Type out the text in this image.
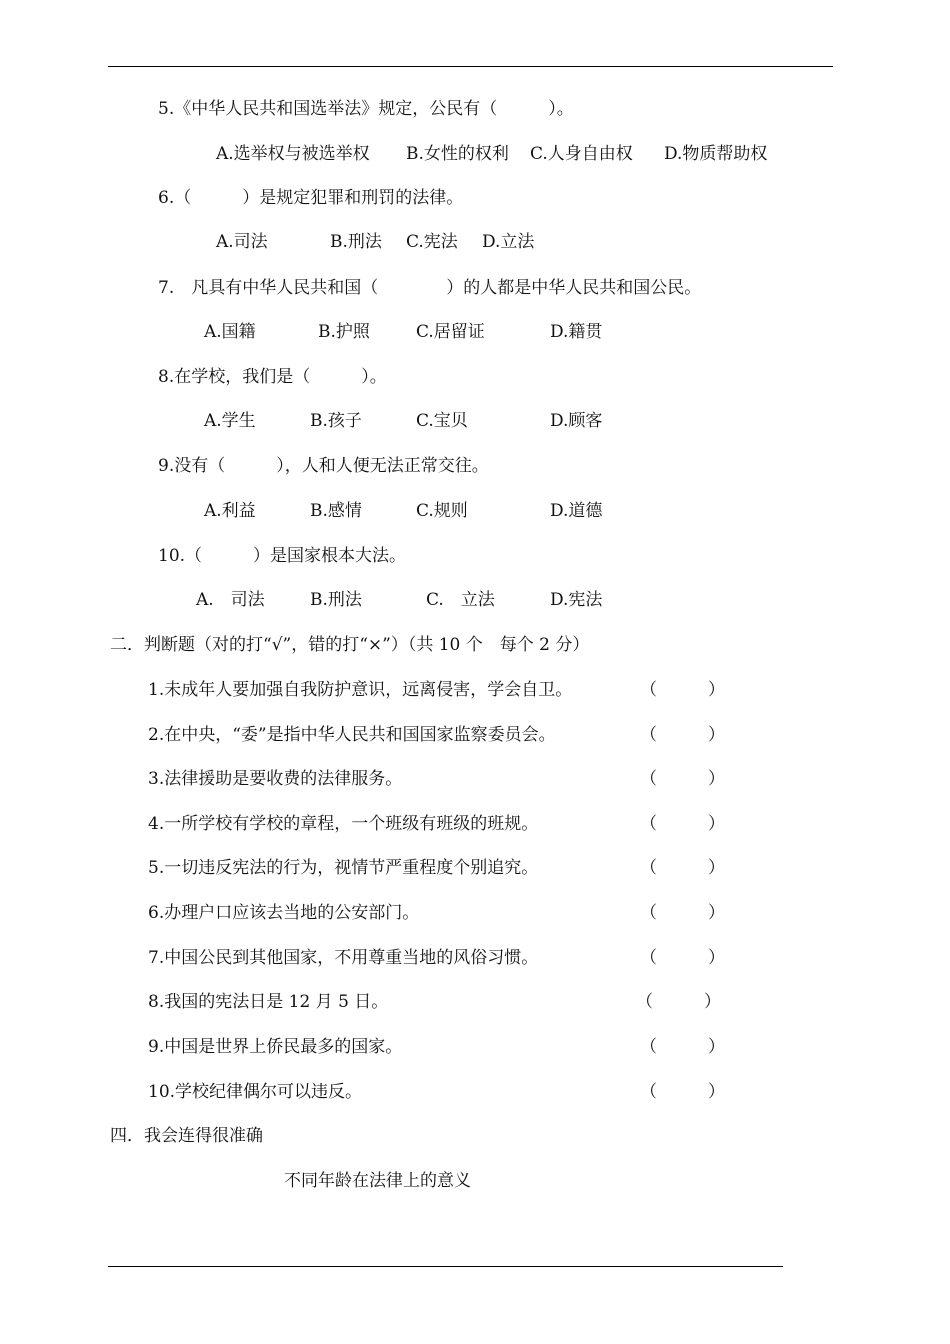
5.《中华人民共和国选举法》规定，公民有（　　　）。
A.选举权与被选举权 B.女性的权利 C.人身自由权 D.物质帮助权
6.（　　　）是规定犯罪和刑罚的法律。
A.司法	B.刑法 C.宪法 D.立法
7.　凡具有中华人民共和国（　　　　）的人都是中华人民共和国公民。
A.国籍	B.护照	C.居留证	D.籍贯
8.在学校，我们是（　　　）。
A.学生	B.孩子	C.宝贝	D.顾客
9.没有（　　　），人和人便无法正常交往。
A.利益	B.感情	C.规则	D.道德
10.（　　　）是国家根本大法。
A.　司法	B.刑法	C.　立法	D.宪法
二．判断题（对的打“√”，错的打“×”）（共 10 个　每个 2 分）
1.未成年人要加强自我防护意识，远离侵害，学会自卫。	（　　　）
2.在中央，“委”是指中华人民共和国国家监察委员会。	（　　　）
3.法律援助是要收费的法律服务。	（　　　）
4.一所学校有学校的章程，一个班级有班级的班规。	（　　　）
5.一切违反宪法的行为，视情节严重程度个别追究。	（　　　）
6.办理户口应该去当地的公安部门。	（　　　）
7.中国公民到其他国家，不用尊重当地的风俗习惯。	（　　　）
8.我国的宪法日是 12 月 5 日。	（　　　）
9.中国是世界上侨民最多的国家。	（　　　）
10.学校纪律偶尔可以违反。	（　　　）
四．我会连得很准确
不同年龄在法律上的意义
